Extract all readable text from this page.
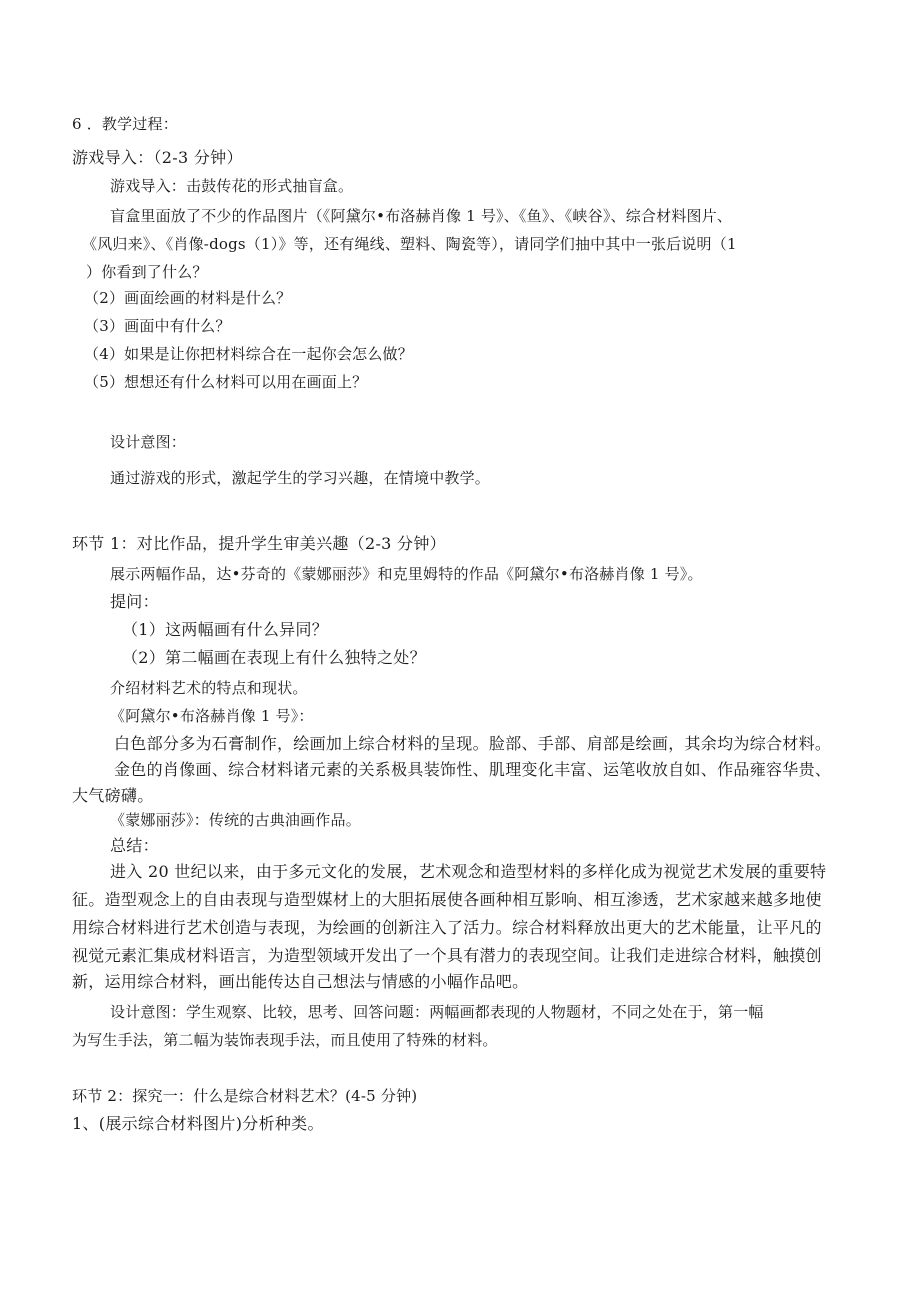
6 ．教学过程：

游戏导入：（2-3 分钟）

游戏导入：击鼓传花的形式抽盲盒。

盲盒里面放了不少的作品图片（《阿黛尔•布洛赫肖像 1 号》、《鱼》、《峡谷》、综合材料图片、

《风归来》、《肖像-dogs（1）》等，还有绳线、塑料、陶瓷等），请同学们抽中其中一张后说明（1

）你看到了什么？

（2）画面绘画的材料是什么？

（3）画面中有什么？

（4）如果是让你把材料综合在一起你会怎么做？

（5）想想还有什么材料可以用在画面上？

设计意图：

通过游戏的形式，激起学生的学习兴趣，在情境中教学。

环节 1：对比作品，提升学生审美兴趣（2-3 分钟）

展示两幅作品，达•芬奇的《蒙娜丽莎》和克里姆特的作品《阿黛尔•布洛赫肖像 1 号》。

提问：

（1）这两幅画有什么异同？

（2）第二幅画在表现上有什么独特之处？

介绍材料艺术的特点和现状。

《阿黛尔•布洛赫肖像 1 号》：

白色部分多为石膏制作，绘画加上综合材料的呈现。脸部、手部、肩部是绘画，其余均为综合材料。

金色的肖像画、综合材料诸元素的关系极具装饰性、肌理变化丰富、运笔收放自如、作品雍容华贵、

大气磅礴。

《蒙娜丽莎》：传统的古典油画作品。

总结：

进入 20 世纪以来，由于多元文化的发展，艺术观念和造型材料的多样化成为视觉艺术发展的重要特

征。造型观念上的自由表现与造型媒材上的大胆拓展使各画种相互影响、相互渗透，艺术家越来越多地使

用综合材料进行艺术创造与表现，为绘画的创新注入了活力。综合材料释放出更大的艺术能量，让平凡的

视觉元素汇集成材料语言，为造型领域开发出了一个具有潜力的表现空间。让我们走进综合材料，触摸创

新，运用综合材料，画出能传达自己想法与情感的小幅作品吧。

设计意图：学生观察、比较，思考、回答问题：两幅画都表现的人物题材，不同之处在于，第一幅

为写生手法，第二幅为装饰表现手法，而且使用了特殊的材料。

环节 2：探究一：什么是综合材料艺术？(4-5 分钟)

1、(展示综合材料图片)分析种类。
